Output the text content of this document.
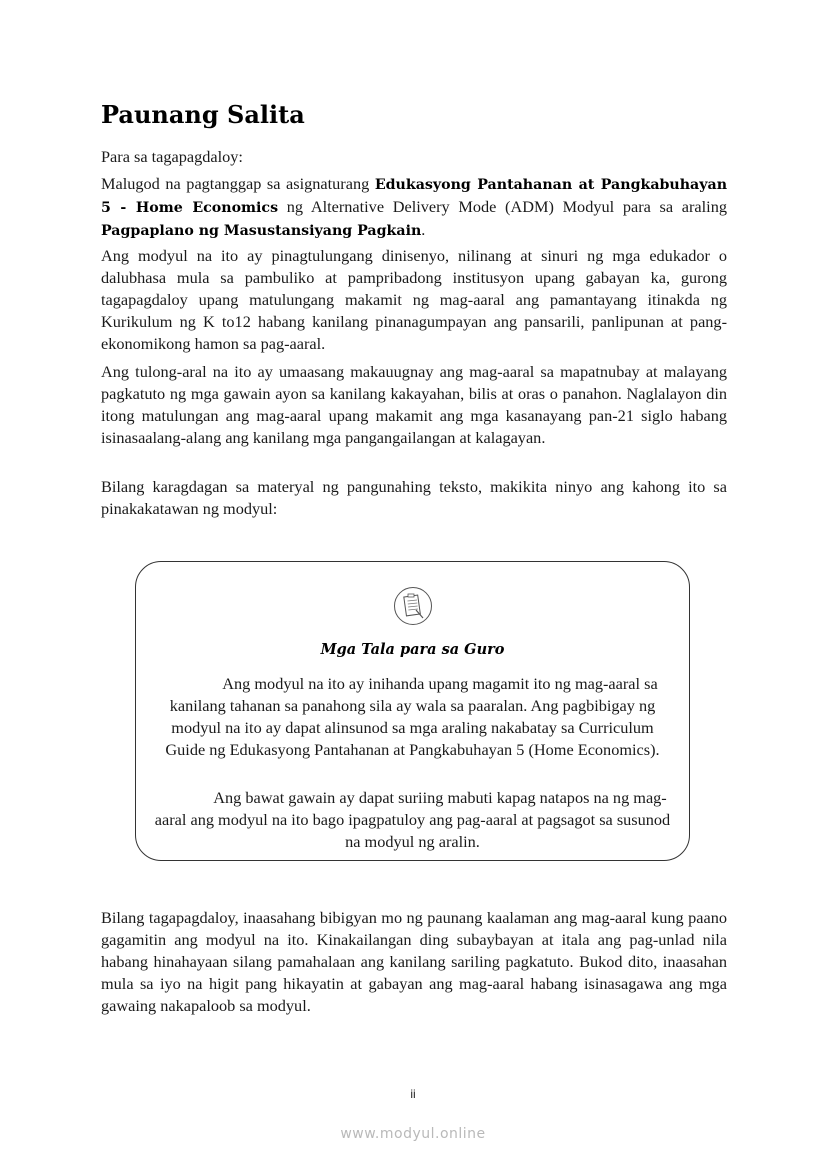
Paunang Salita

Para sa tagapagdaloy:

Malugod na pagtanggap sa asignaturang Edukasyong Pantahanan at Pangkabuhayan 5 - Home Economics ng Alternative Delivery Mode (ADM) Modyul para sa araling Pagpaplano ng Masustansiyang Pagkain.

Ang modyul na ito ay pinagtulungang dinisenyo, nilinang at sinuri ng mga edukador o dalubhasa mula sa pambuliko at pampribadong institusyon upang gabayan ka, gurong tagapagdaloy upang matulungang makamit ng mag-aaral ang pamantayang itinakda ng Kurikulum ng K to12 habang kanilang pinanagumpayan ang pansarili, panlipunan at pang-ekonomikong hamon sa pag-aaral.

Ang tulong-aral na ito ay umaasang makauugnay ang mag-aaral sa mapatnubay at malayang pagkatuto ng mga gawain ayon sa kanilang kakayahan, bilis at oras o panahon. Naglalayon din itong matulungan ang mag-aaral upang makamit ang mga kasanayang pan-21 siglo habang isinasaalang-alang ang kanilang mga pangangailangan at kalagayan.

Bilang karagdagan sa materyal ng pangunahing teksto, makikita ninyo ang kahong ito sa pinakakatawan ng modyul:

Bilang tagapagdaloy, inaasahang bibigyan mo ng paunang kaalaman ang mag-aaral kung paano gagamitin ang modyul na ito. Kinakailangan ding subaybayan at itala ang pag-unlad nila habang hinahayaan silang pamahalaan ang kanilang sariling pagkatuto. Bukod dito, inaasahan mula sa iyo na higit pang hikayatin at gabayan ang mag-aaral habang isinasagawa ang mga gawaing nakapaloob sa modyul.

Mga Tala para sa Guro

Ang modyul na ito ay inihanda upang magamit ito ng mag-aaral sa kanilang tahanan sa panahong sila ay wala sa paaralan. Ang pagbibigay ng modyul na ito ay dapat alinsunod sa mga araling nakabatay sa Curriculum Guide ng Edukasyong Pantahanan at Pangkabuhayan 5 (Home Economics).

Ang bawat gawain ay dapat suriing mabuti kapag natapos na ng mag-aaral ang modyul na ito bago ipagpatuloy ang pag-aaral at pagsagot sa susunod na modyul ng aralin.

ii
www.modyul.online
